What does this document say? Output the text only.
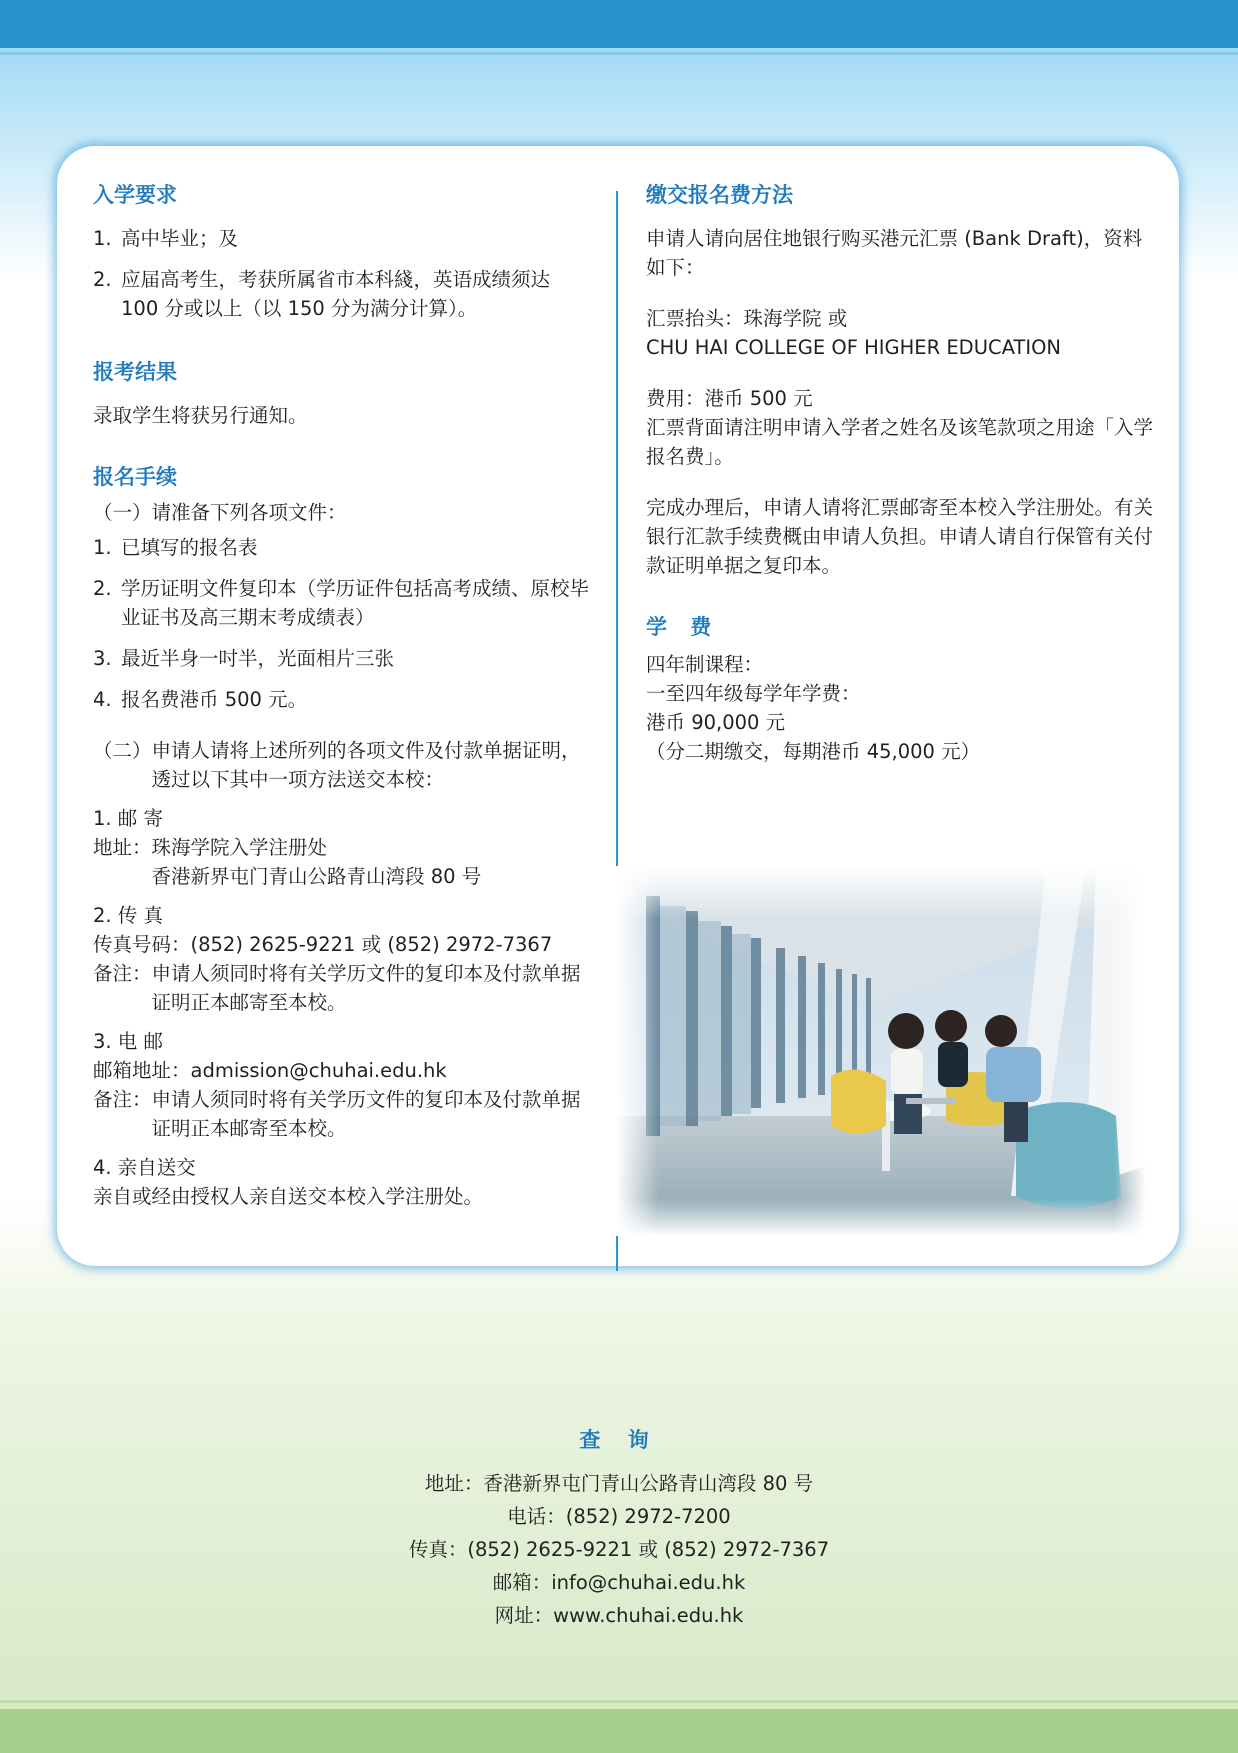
入学要求
1. 高中毕业；及
2. 应届高考生，考获所属省市本科綫，英语成绩须达 100 分或以上（以 150 分为满分计算）。
报考结果

录取学生将获另行通知。

报名手续

（一）请准备下列各项文件：

1. 已填写的报名表
2. 学历证明文件复印本（学历证件包括高考成绩、原校毕业证书及高三期末考成绩表）
3. 最近半身一吋半，光面相片三张
4. 报名费港币 500 元。
（二） 申请人请将上述所列的各项文件及付款单据证明，透过以下其中一项方法送交本校：

1. 邮 寄

地址： 珠海学院入学注册处
香港新界屯门青山公路青山湾段 80 号

2. 传 真

传真号码：(852) 2625-9221 或 (852) 2972-7367

备注： 申请人须同时将有关学历文件的复印本及付款单据证明正本邮寄至本校。

3. 电 邮

邮箱地址：admission@chuhai.edu.hk

备注： 申请人须同时将有关学历文件的复印本及付款单据证明正本邮寄至本校。

4. 亲自送交

亲自或经由授权人亲自送交本校入学注册处。

缴交报名费方法

申请人请向居住地银行购买港元汇票 (Bank Draft)，资料如下：

汇票抬头：珠海学院 或

CHU HAI COLLEGE OF HIGHER EDUCATION

费用：港币 500 元

汇票背面请注明申请入学者之姓名及该笔款项之用途「入学报名费」。

完成办理后，申请人请将汇票邮寄至本校入学注册处。有关银行汇款手续费概由申请人负担。申请人请自行保管有关付款证明单据之复印本。

学 费

四年制课程：

一至四年级每学年学费：

港币 90,000 元

（分二期缴交，每期港币 45,000 元）

查 询
地址：香港新界屯门青山公路青山湾段 80 号
电话：(852) 2972-7200
传真：(852) 2625-9221 或 (852) 2972-7367
邮箱：info@chuhai.edu.hk
网址：www.chuhai.edu.hk
